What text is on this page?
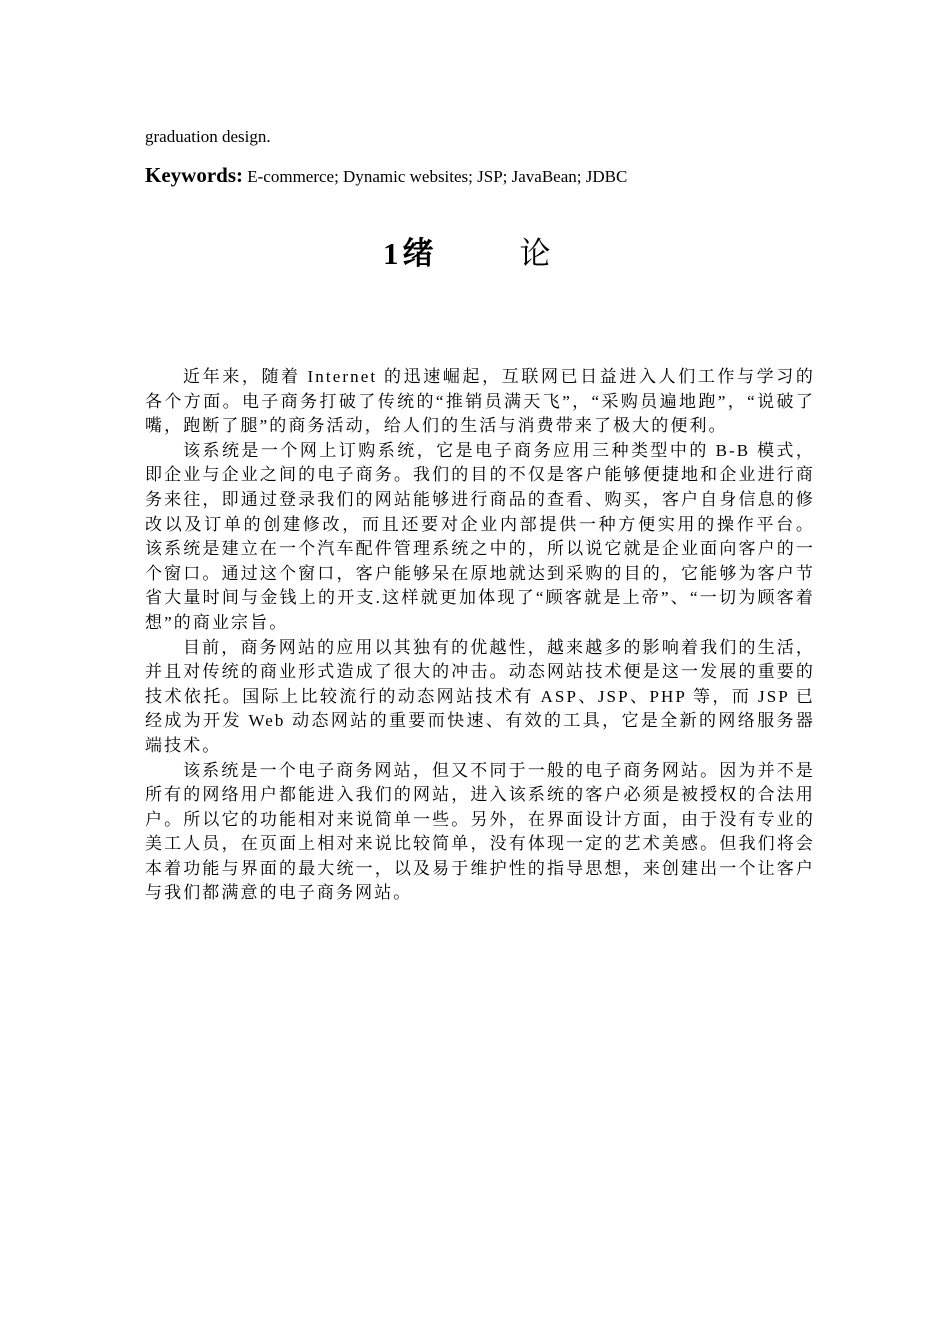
graduation design.

Keywords: E-commerce; Dynamic websites; JSP; JavaBean; JDBC

1 绪	论

近年来，随着 Internet 的迅速崛起，互联网已日益进入人们工作与学习的各个方面。电子商务打破了传统的“推销员满天飞”，“采购员遍地跑”，“说破了嘴，跑断了腿”的商务活动，给人们的生活与消费带来了极大的便利。

该系统是一个网上订购系统，它是电子商务应用三种类型中的 B-B 模式，即企业与企业之间的电子商务。我们的目的不仅是客户能够便捷地和企业进行商务来往，即通过登录我们的网站能够进行商品的查看、购买，客户自身信息的修改以及订单的创建修改，而且还要对企业内部提供一种方便实用的操作平台。 该系统是建立在一个汽车配件管理系统之中的，所以说它就是企业面向客户的一个窗口。通过这个窗口，客户能够呆在原地就达到采购的目的，它能够为客户节省大量时间与金钱上的开支.这样就更加体现了“顾客就是上帝”、“一切为顾客着想”的商业宗旨。

目前，商务网站的应用以其独有的优越性，越来越多的影响着我们的生活，并且对传统的商业形式造成了很大的冲击。动态网站技术便是这一发展的重要的技术依托。国际上比较流行的动态网站技术有 ASP、JSP、PHP 等，而 JSP 已经成为开发 Web 动态网站的重要而快速、有效的工具，它是全新的网络服务器端技术。

该系统是一个电子商务网站，但又不同于一般的电子商务网站。因为并不是所有的网络用户都能进入我们的网站，进入该系统的客户必须是被授权的合法用户。所以它的功能相对来说简单一些。另外，在界面设计方面，由于没有专业的美工人员，在页面上相对来说比较简单，没有体现一定的艺术美感。但我们将会本着功能与界面的最大统一，以及易于维护性的指导思想，来创建出一个让客户与我们都满意的电子商务网站。
